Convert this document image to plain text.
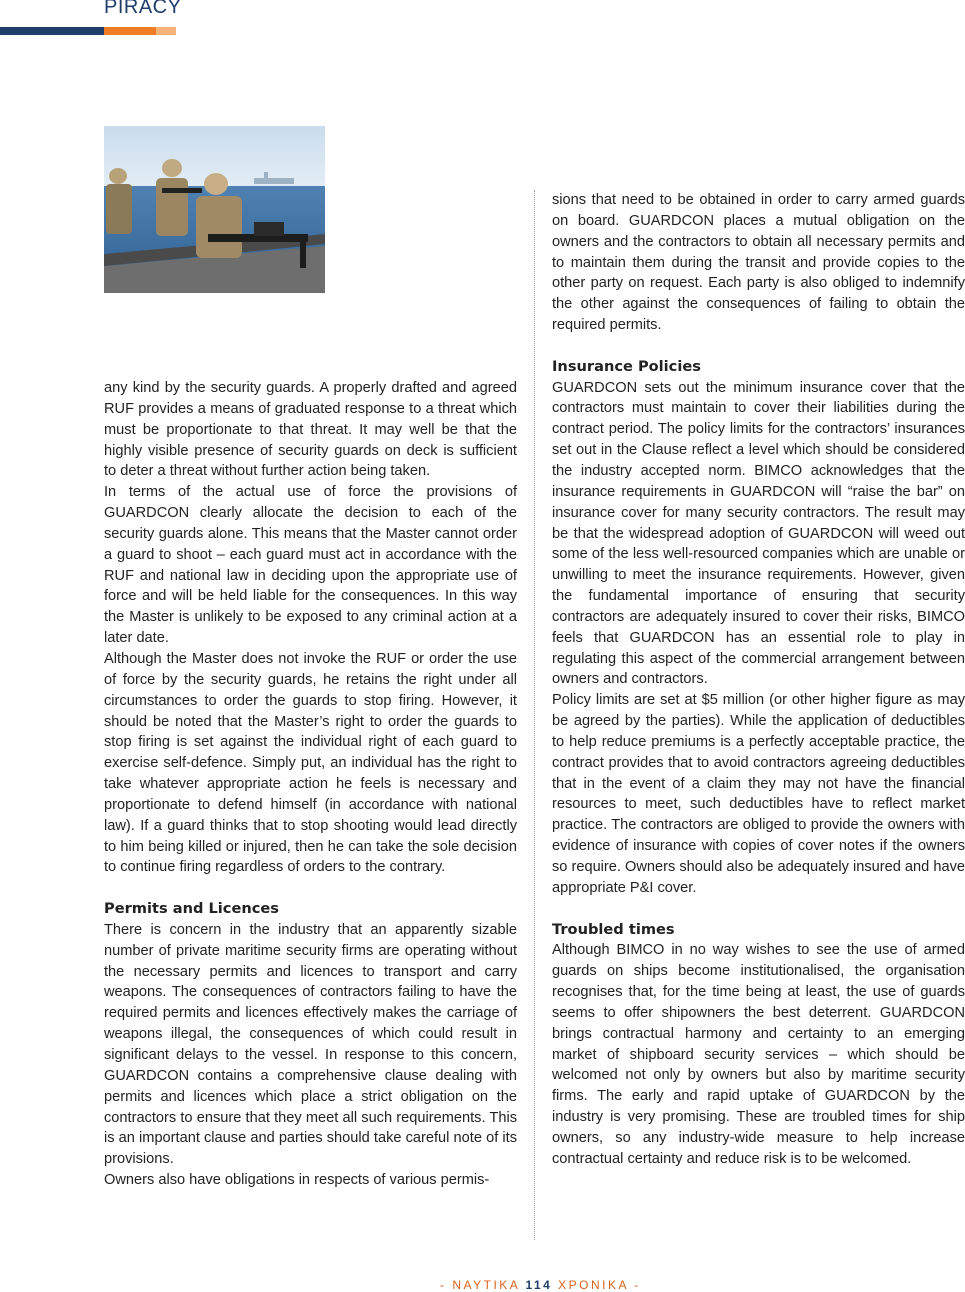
PIRACY

any kind by the security guards. A properly drafted and agreed RUF provides a means of graduated response to a threat which must be proportionate to that threat. It may well be that the highly visible presence of security guards on deck is sufficient to deter a threat without further action being taken.

In terms of the actual use of force the provisions of GUARDCON clearly allocate the decision to each of the security guards alone. This means that the Master cannot order a guard to shoot – each guard must act in accordance with the RUF and national law in deciding upon the appropriate use of force and will be held liable for the consequences. In this way the Master is unlikely to be exposed to any criminal action at a later date.

Although the Master does not invoke the RUF or order the use of force by the security guards, he retains the right under all circumstances to order the guards to stop firing. However, it should be noted that the Master’s right to order the guards to stop firing is set against the individual right of each guard to exercise self-defence. Simply put, an individual has the right to take whatever appropriate action he feels is necessary and proportionate to defend himself (in accordance with national law). If a guard thinks that to stop shooting would lead directly to him being killed or injured, then he can take the sole decision to continue firing regardless of orders to the contrary.

Permits and Licences

There is concern in the industry that an apparently sizable number of private maritime security firms are operating without the necessary permits and licences to transport and carry weapons. The consequences of contractors failing to have the required permits and licences effectively makes the carriage of weapons illegal, the consequences of which could result in significant delays to the vessel. In response to this concern, GUARDCON contains a comprehensive clause dealing with permits and licences which place a strict obligation on the contractors to ensure that they meet all such requirements. This is an important clause and parties should take careful note of its provisions.

Owners also have obligations in respects of various permis-

sions that need to be obtained in order to carry armed guards on board. GUARDCON places a mutual obligation on the owners and the contractors to obtain all necessary permits and to maintain them during the transit and provide copies to the other party on request. Each party is also obliged to indemnify the other against the consequences of failing to obtain the required permits.

Insurance Policies

GUARDCON sets out the minimum insurance cover that the contractors must maintain to cover their liabilities during the contract period. The policy limits for the contractors’ insurances set out in the Clause reflect a level which should be considered the industry accepted norm. BIMCO acknowledges that the insurance requirements in GUARDCON will “raise the bar” on insurance cover for many security contractors. The result may be that the widespread adoption of GUARDCON will weed out some of the less well-resourced companies which are unable or unwilling to meet the insurance requirements. However, given the fundamental importance of ensuring that security contractors are adequately insured to cover their risks, BIMCO feels that GUARDCON has an essential role to play in regulating this aspect of the commercial arrangement between owners and contractors.

Policy limits are set at $5 million (or other higher figure as may be agreed by the parties). While the application of deductibles to help reduce premiums is a perfectly acceptable practice, the contract provides that to avoid contractors agreeing deductibles that in the event of a claim they may not have the financial resources to meet, such deductibles have to reflect market practice. The contractors are obliged to provide the owners with evidence of insurance with copies of cover notes if the owners so require. Owners should also be adequately insured and have appropriate P&I cover.

Troubled times

Although BIMCO in no way wishes to see the use of armed guards on ships become institutionalised, the organisation recognises that, for the time being at least, the use of guards seems to offer shipowners the best deterrent. GUARDCON brings contractual harmony and certainty to an emerging market of shipboard security services – which should be welcomed not only by owners but also by maritime security firms. The early and rapid uptake of GUARDCON by the industry is very promising. These are troubled times for ship owners, so any industry-wide measure to help increase contractual certainty and reduce risk is to be welcomed.

- ΝΑΥΤΙΚΑ 114 ΧΡΟΝΙΚΑ -
